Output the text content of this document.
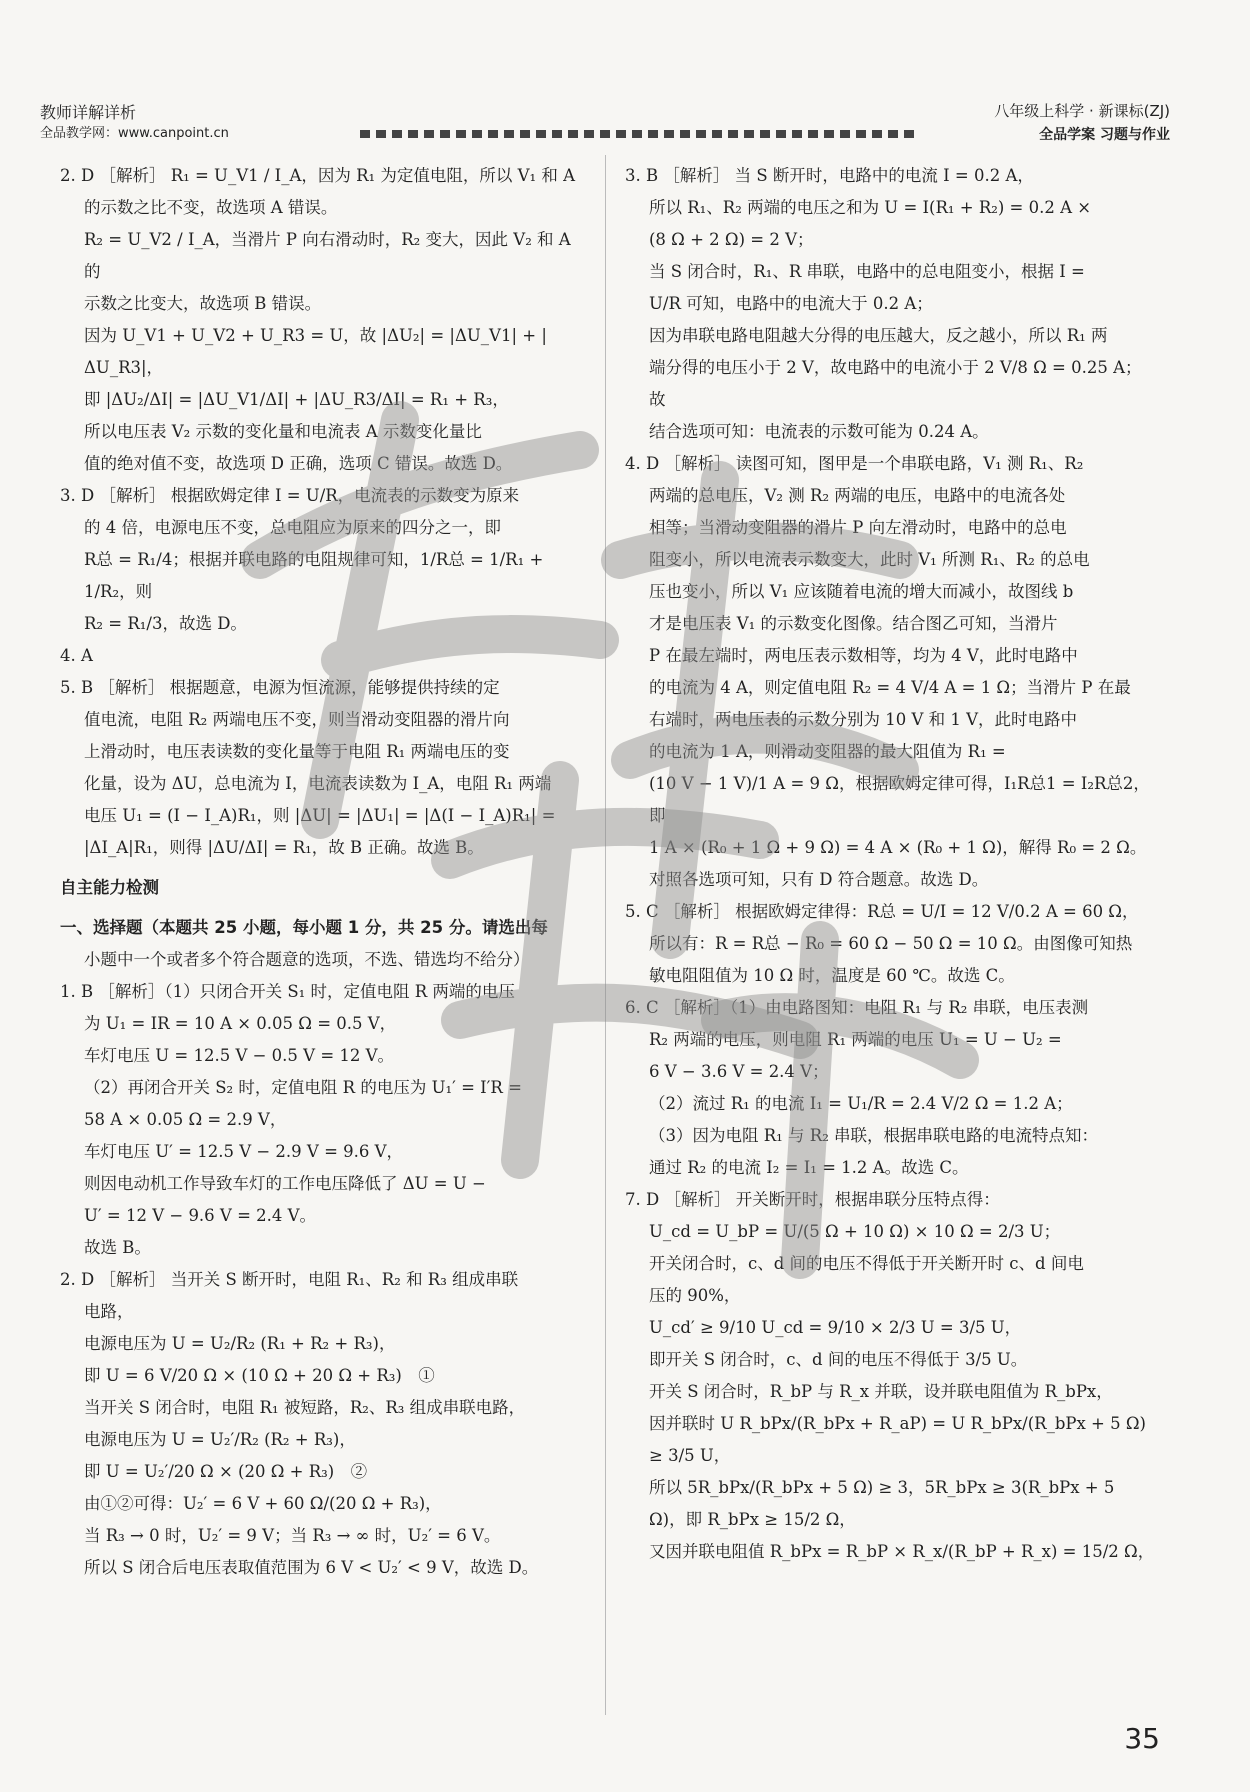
教师详解详析
全品教学网：www.canpoint.cn
八年级上科学 · 新课标(ZJ)
全品学案 习题与作业

2. D ［解析］ R₁ = U_V1 / I_A，因为 R₁ 为定值电阻，所以 V₁ 和 A

的示数之比不变，故选项 A 错误。

R₂ = U_V2 / I_A，当滑片 P 向右滑动时，R₂ 变大，因此 V₂ 和 A 的

示数之比变大，故选项 B 错误。

因为 U_V1 + U_V2 + U_R3 = U，故 |ΔU₂| = |ΔU_V1| + |ΔU_R3|，

即 |ΔU₂/ΔI| = |ΔU_V1/ΔI| + |ΔU_R3/ΔI| = R₁ + R₃，

所以电压表 V₂ 示数的变化量和电流表 A 示数变化量比

值的绝对值不变，故选项 D 正确，选项 C 错误。故选 D。

3. D ［解析］ 根据欧姆定律 I = U/R，电流表的示数变为原来

的 4 倍，电源电压不变，总电阻应为原来的四分之一，即

R总 = R₁/4；根据并联电路的电阻规律可知，1/R总 = 1/R₁ + 1/R₂，则

R₂ = R₁/3，故选 D。

4. A

5. B ［解析］ 根据题意，电源为恒流源，能够提供持续的定

值电流，电阻 R₂ 两端电压不变，则当滑动变阻器的滑片向

上滑动时，电压表读数的变化量等于电阻 R₁ 两端电压的变

化量，设为 ΔU，总电流为 I，电流表读数为 I_A，电阻 R₁ 两端

电压 U₁ = (I − I_A)R₁，则 |ΔU| = |ΔU₁| = |Δ(I − I_A)R₁| =

|ΔI_A|R₁，则得 |ΔU/ΔI| = R₁，故 B 正确。故选 B。

自主能力检测

一、选择题（本题共 25 小题，每小题 1 分，共 25 分。请选出每

小题中一个或者多个符合题意的选项，不选、错选均不给分）

1. B ［解析］（1）只闭合开关 S₁ 时，定值电阻 R 两端的电压

为 U₁ = IR = 10 A × 0.05 Ω = 0.5 V，

车灯电压 U = 12.5 V − 0.5 V = 12 V。

（2）再闭合开关 S₂ 时，定值电阻 R 的电压为 U₁′ = I′R =

58 A × 0.05 Ω = 2.9 V，

车灯电压 U′ = 12.5 V − 2.9 V = 9.6 V，

则因电动机工作导致车灯的工作电压降低了 ΔU = U −

U′ = 12 V − 9.6 V = 2.4 V。

故选 B。

2. D ［解析］ 当开关 S 断开时，电阻 R₁、R₂ 和 R₃ 组成串联

电路，

电源电压为 U = U₂/R₂ (R₁ + R₂ + R₃)，

即 U = 6 V/20 Ω × (10 Ω + 20 Ω + R₃)　①

当开关 S 闭合时，电阻 R₁ 被短路，R₂、R₃ 组成串联电路，

电源电压为 U = U₂′/R₂ (R₂ + R₃)，

即 U = U₂′/20 Ω × (20 Ω + R₃)　②

由①②可得：U₂′ = 6 V + 60 Ω/(20 Ω + R₃)，

当 R₃ → 0 时，U₂′ = 9 V；当 R₃ → ∞ 时，U₂′ = 6 V。

所以 S 闭合后电压表取值范围为 6 V < U₂′ < 9 V，故选 D。

3. B ［解析］ 当 S 断开时，电路中的电流 I = 0.2 A，

所以 R₁、R₂ 两端的电压之和为 U = I(R₁ + R₂) = 0.2 A ×

(8 Ω + 2 Ω) = 2 V；

当 S 闭合时，R₁、R 串联，电路中的总电阻变小，根据 I =

U/R 可知，电路中的电流大于 0.2 A；

因为串联电路电阻越大分得的电压越大，反之越小，所以 R₁ 两

端分得的电压小于 2 V，故电路中的电流小于 2 V/8 Ω = 0.25 A；故

结合选项可知：电流表的示数可能为 0.24 A。

4. D ［解析］ 读图可知，图甲是一个串联电路，V₁ 测 R₁、R₂

两端的总电压，V₂ 测 R₂ 两端的电压，电路中的电流各处

相等；当滑动变阻器的滑片 P 向左滑动时，电路中的总电

阻变小，所以电流表示数变大，此时 V₁ 所测 R₁、R₂ 的总电

压也变小，所以 V₁ 应该随着电流的增大而减小，故图线 b

才是电压表 V₁ 的示数变化图像。结合图乙可知，当滑片

P 在最左端时，两电压表示数相等，均为 4 V，此时电路中

的电流为 4 A，则定值电阻 R₂ = 4 V/4 A = 1 Ω；当滑片 P 在最

右端时，两电压表的示数分别为 10 V 和 1 V，此时电路中

的电流为 1 A，则滑动变阻器的最大阻值为 R₁ =

(10 V − 1 V)/1 A = 9 Ω，根据欧姆定律可得，I₁R总1 = I₂R总2，即

1 A × (R₀ + 1 Ω + 9 Ω) = 4 A × (R₀ + 1 Ω)，解得 R₀ = 2 Ω。

对照各选项可知，只有 D 符合题意。故选 D。

5. C ［解析］ 根据欧姆定律得：R总 = U/I = 12 V/0.2 A = 60 Ω，

所以有：R = R总 − R₀ = 60 Ω − 50 Ω = 10 Ω。由图像可知热

敏电阻阻值为 10 Ω 时，温度是 60 ℃。故选 C。

6. C ［解析］（1）由电路图知：电阻 R₁ 与 R₂ 串联，电压表测

R₂ 两端的电压，则电阻 R₁ 两端的电压 U₁ = U − U₂ =

6 V − 3.6 V = 2.4 V；

（2）流过 R₁ 的电流 I₁ = U₁/R = 2.4 V/2 Ω = 1.2 A；

（3）因为电阻 R₁ 与 R₂ 串联，根据串联电路的电流特点知：

通过 R₂ 的电流 I₂ = I₁ = 1.2 A。故选 C。

7. D ［解析］ 开关断开时，根据串联分压特点得：

U_cd = U_bP = U/(5 Ω + 10 Ω) × 10 Ω = 2/3 U；

开关闭合时，c、d 间的电压不得低于开关断开时 c、d 间电

压的 90%，

U_cd′ ≥ 9/10 U_cd = 9/10 × 2/3 U = 3/5 U，

即开关 S 闭合时，c、d 间的电压不得低于 3/5 U。

开关 S 闭合时，R_bP 与 R_x 并联，设并联电阻值为 R_bPx，

因并联时 U R_bPx/(R_bPx + R_aP) = U R_bPx/(R_bPx + 5 Ω) ≥ 3/5 U，

所以 5R_bPx/(R_bPx + 5 Ω) ≥ 3，5R_bPx ≥ 3(R_bPx + 5 Ω)，即 R_bPx ≥ 15/2 Ω，

又因并联电阻值 R_bPx = R_bP × R_x/(R_bP + R_x) = 15/2 Ω，

35
